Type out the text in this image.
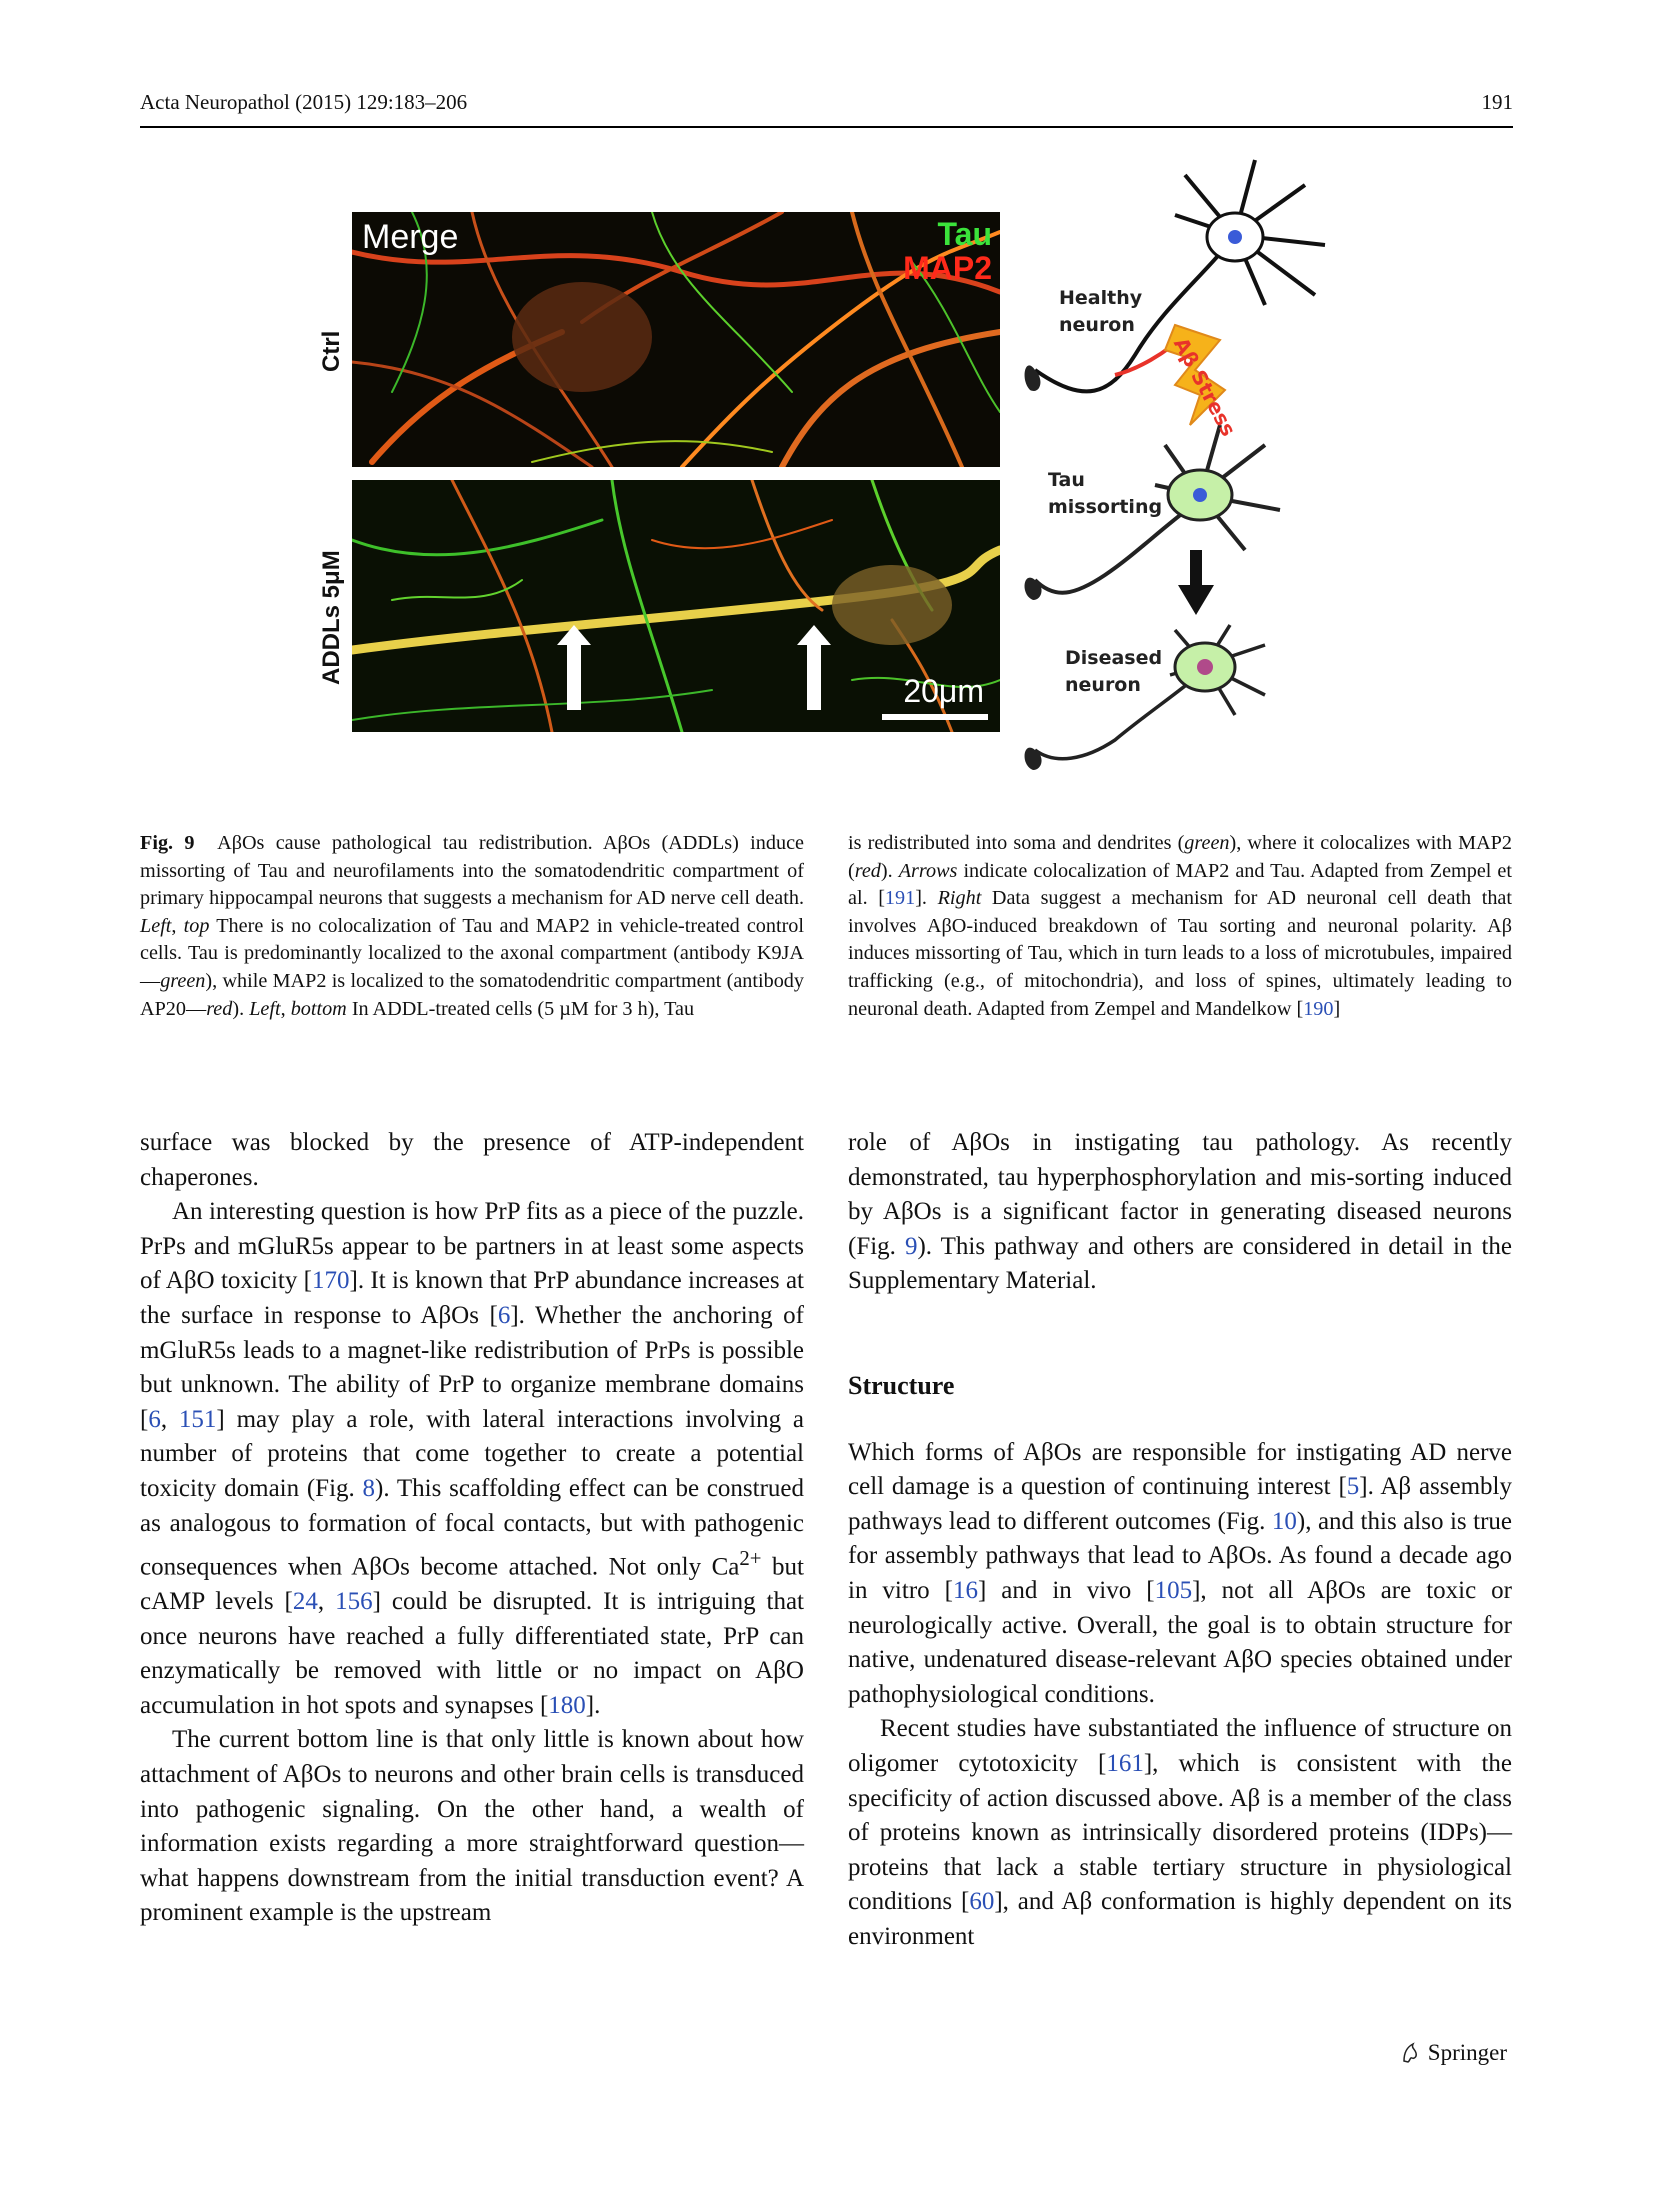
Acta Neuropathol (2015) 129:183–206	191
Ctrl
ADDLs 5μM
Merge	Tau
MAP2
20μm
Healthy
neuron
Aβ Stress
Tau
missorting
Diseased
neuron
Fig. 9 AβOs cause pathological tau redistribution. AβOs (ADDLs) induce missorting of Tau and neurofilaments into the somatodendritic compartment of primary hippocampal neurons that suggests a mechanism for AD nerve cell death. Left, top There is no colocalization of Tau and MAP2 in vehicle-treated control cells. Tau is predominantly localized to the axonal compartment (antibody K9JA—green), while MAP2 is localized to the somatodendritic compartment (antibody AP20—red). Left, bottom In ADDL-treated cells (5 µM for 3 h), Tau
is redistributed into soma and dendrites (green), where it colocalizes with MAP2 (red). Arrows indicate colocalization of MAP2 and Tau. Adapted from Zempel et al. [191]. Right Data suggest a mechanism for AD neuronal cell death that involves AβO-induced breakdown of Tau sorting and neuronal polarity. Aβ induces missorting of Tau, which in turn leads to a loss of microtubules, impaired trafficking (e.g., of mitochondria), and loss of spines, ultimately leading to neuronal death. Adapted from Zempel and Mandelkow [190]

surface was blocked by the presence of ATP-independent chaperones.

An interesting question is how PrP fits as a piece of the puzzle. PrPs and mGluR5s appear to be partners in at least some aspects of AβO toxicity [170]. It is known that PrP abundance increases at the surface in response to AβOs [6]. Whether the anchoring of mGluR5s leads to a magnet-like redistribution of PrPs is possible but unknown. The ability of PrP to organize membrane domains [6, 151] may play a role, with lateral interactions involving a number of proteins that come together to create a potential toxicity domain (Fig. 8). This scaffolding effect can be construed as analogous to formation of focal contacts, but with pathogenic consequences when AβOs become attached. Not only $Ca^{2+}$ but cAMP levels [24, 156] could be disrupted. It is intriguing that once neurons have reached a fully differentiated state, PrP can enzymatically be removed with little or no impact on AβO accumulation in hot spots and synapses [180].

The current bottom line is that only little is known about how attachment of AβOs to neurons and other brain cells is transduced into pathogenic signaling. On the other hand, a wealth of information exists regarding a more straightforward question—what happens downstream from the initial transduction event? A prominent example is the upstream

role of AβOs in instigating tau pathology. As recently demonstrated, tau hyperphosphorylation and mis-sorting induced by AβOs is a significant factor in generating diseased neurons (Fig. 9). This pathway and others are considered in detail in the Supplementary Material.

Structure

Which forms of AβOs are responsible for instigating AD nerve cell damage is a question of continuing interest [5]. Aβ assembly pathways lead to different outcomes (Fig. 10), and this also is true for assembly pathways that lead to AβOs. As found a decade ago in vitro [16] and in vivo [105], not all AβOs are toxic or neurologically active. Overall, the goal is to obtain structure for native, undenatured disease-relevant AβO species obtained under pathophysiological conditions.

Recent studies have substantiated the influence of structure on oligomer cytotoxicity [161], which is consistent with the specificity of action discussed above. Aβ is a member of the class of proteins known as intrinsically disordered proteins (IDPs)—proteins that lack a stable tertiary structure in physiological conditions [60], and Aβ conformation is highly dependent on its environment

Springer
